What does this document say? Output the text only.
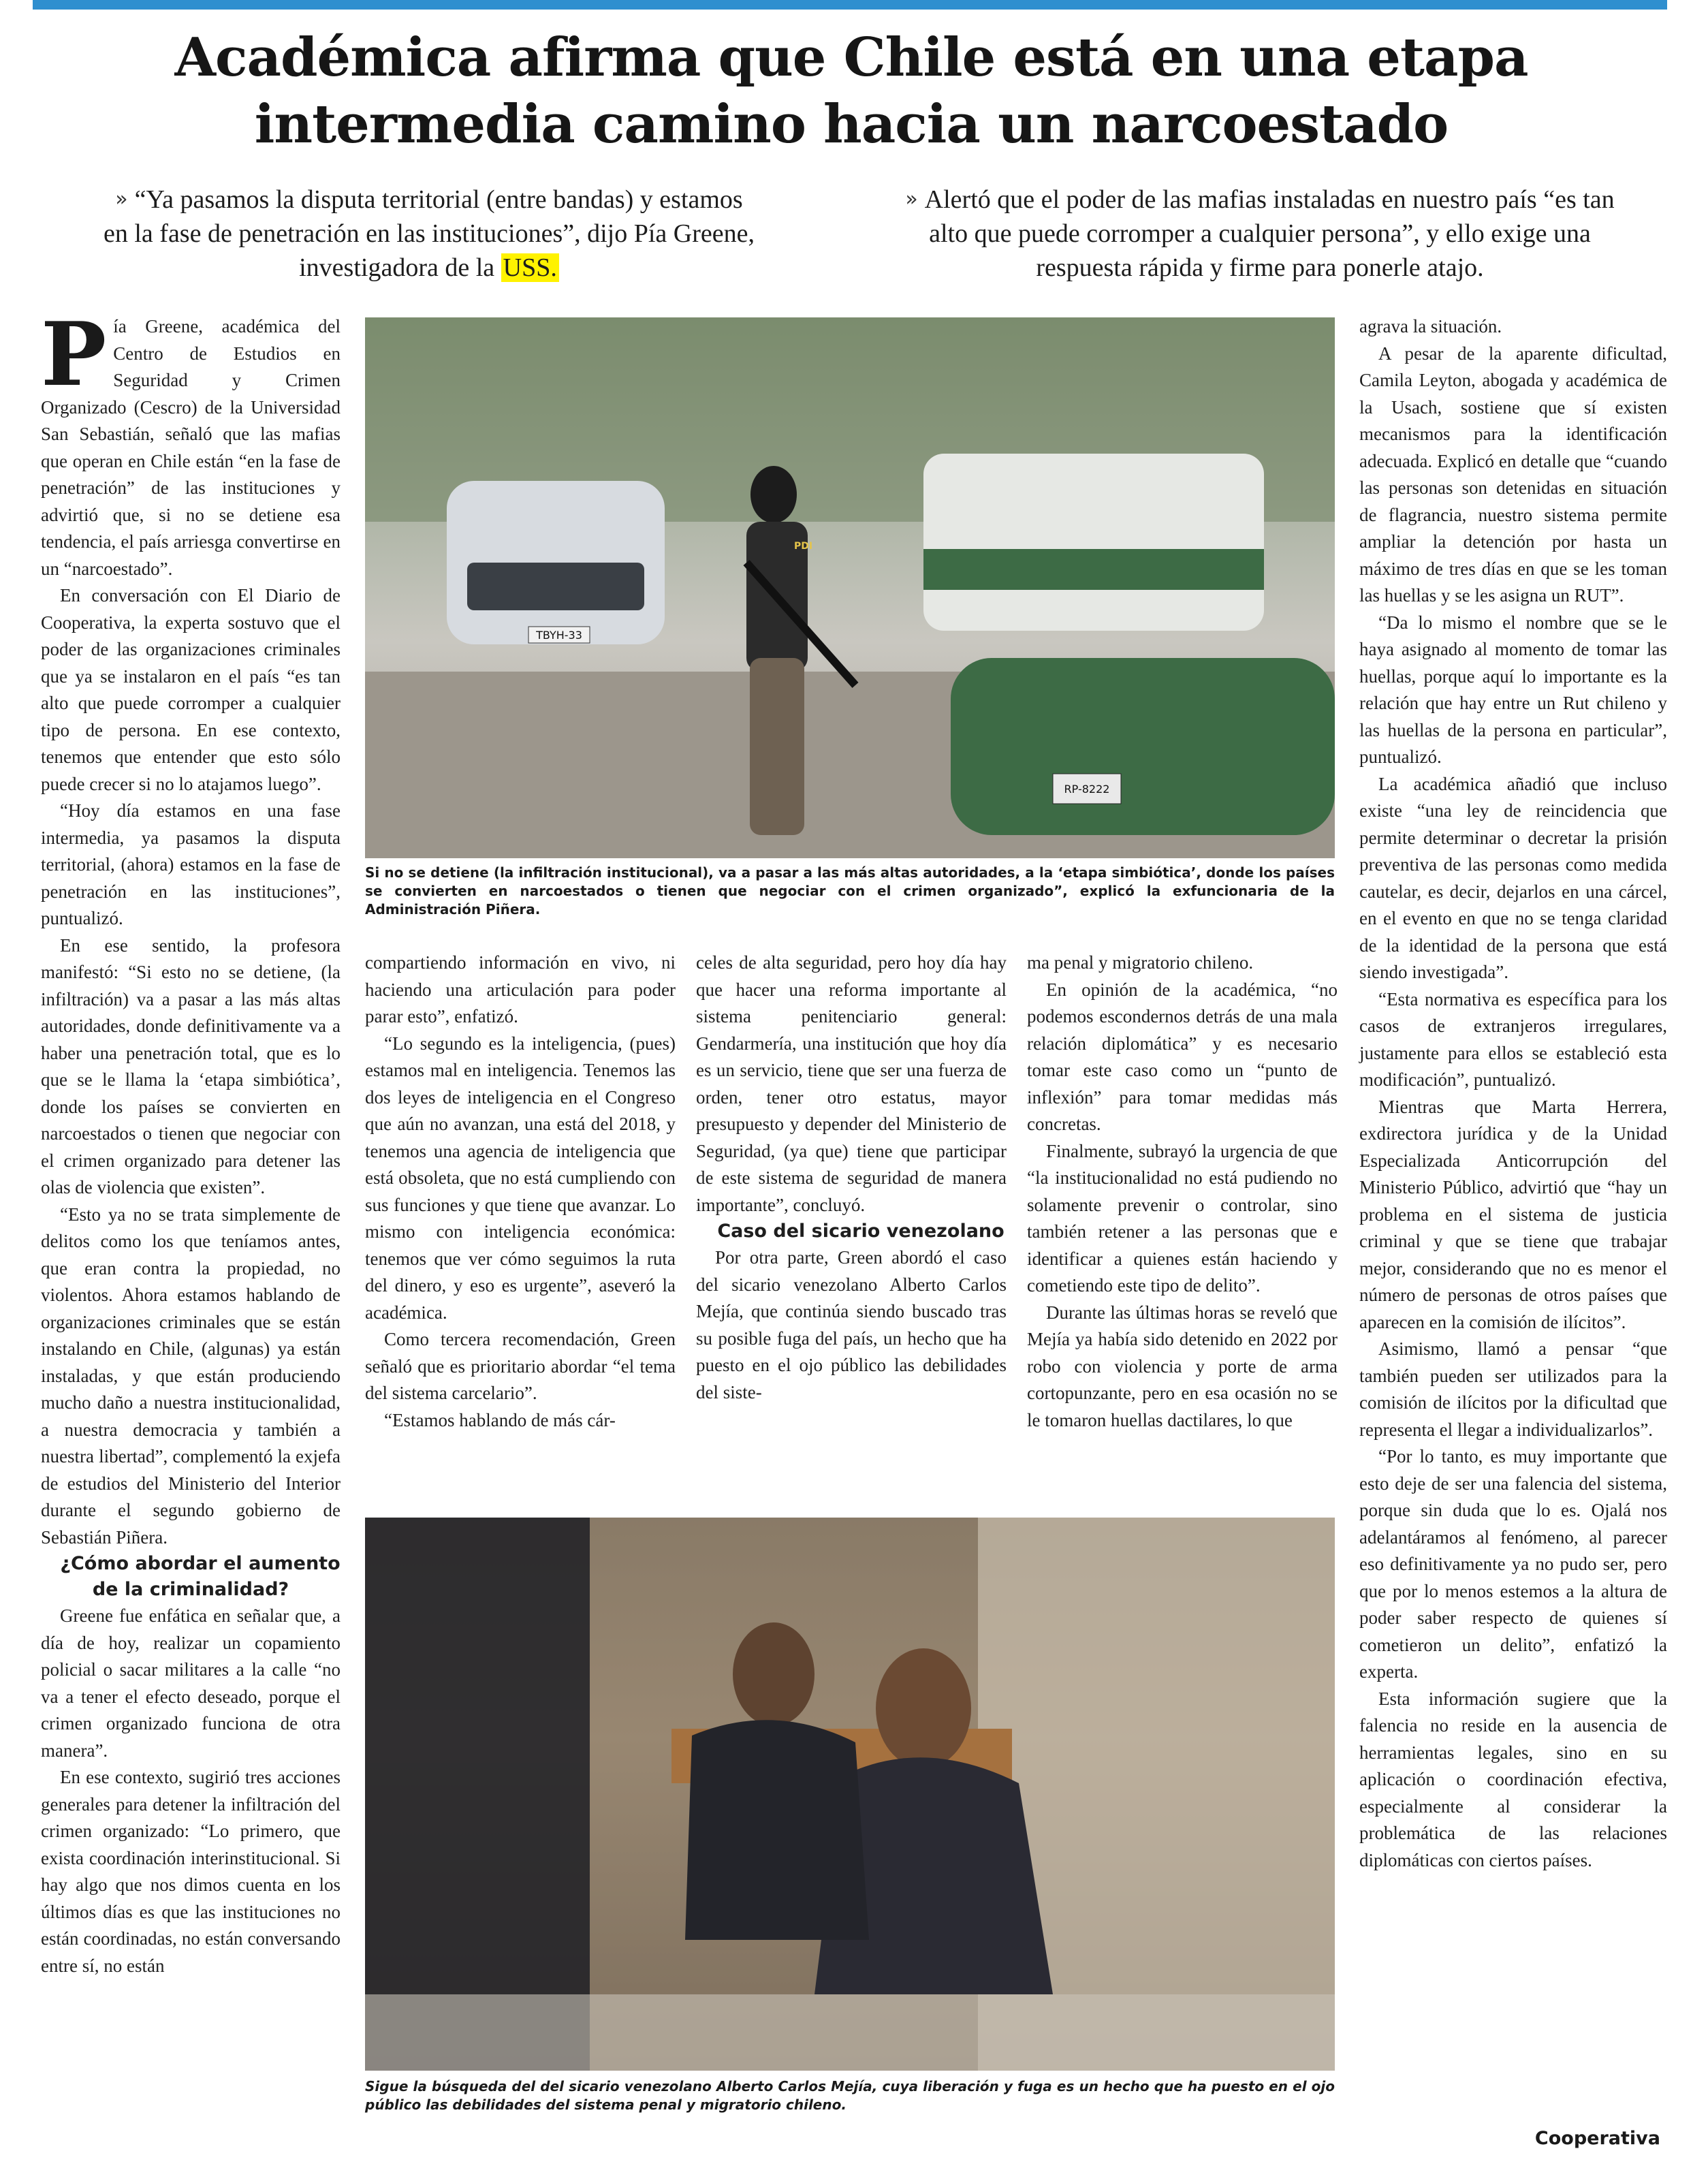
Académica afirma que Chile está en una etapa intermedia camino hacia un narcoestado
» “Ya pasamos la disputa territorial (entre bandas) y estamos en la fase de penetración en las instituciones”, dijo Pía Greene, investigadora de la USS.
» Alertó que el poder de las mafias instaladas en nuestro país “es tan alto que puede corromper a cualquier persona”, y ello exige una respuesta rápida y firme para ponerle atajo.

Pía Greene, académica del Centro de Estudios en Seguridad y Crimen Organizado (Cescro) de la Universidad San Sebastián, señaló que las mafias que operan en Chile están “en la fase de penetración” de las instituciones y advirtió que, si no se detiene esa tendencia, el país arriesga convertirse en un “narcoestado”.

En conversación con El Diario de Cooperativa, la experta sostuvo que el poder de las organizaciones criminales que ya se instalaron en el país “es tan alto que puede corromper a cualquier tipo de persona. En ese contexto, tenemos que entender que esto sólo puede crecer si no lo atajamos luego”.

“Hoy día estamos en una fase intermedia, ya pasamos la disputa territorial, (ahora) estamos en la fase de penetración en las instituciones”, puntualizó.

En ese sentido, la profesora manifestó: “Si esto no se detiene, (la infiltración) va a pasar a las más altas autoridades, donde definitivamente va a haber una penetración total, que es lo que se le llama la ‘etapa simbiótica’, donde los países se convierten en narcoestados o tienen que negociar con el crimen organizado para detener las olas de violencia que existen”.

“Esto ya no se trata simplemente de delitos como los que teníamos antes, que eran contra la propiedad, no violentos. Ahora estamos hablando de organizaciones criminales que se están instalando en Chile, (algunas) ya están instaladas, y que están produciendo mucho daño a nuestra institucionalidad, a nuestra democracia y también a nuestra libertad”, complementó la exjefa de estudios del Ministerio del Interior durante el segundo gobierno de Sebastián Piñera.

¿Cómo abordar el aumento de la criminalidad?

Greene fue enfática en señalar que, a día de hoy, realizar un copamiento policial o sacar militares a la calle “no va a tener el efecto deseado, porque el crimen organizado funciona de otra manera”.

En ese contexto, sugirió tres acciones generales para detener la infiltración del crimen organizado: “Lo primero, que exista coordinación interinstitucional. Si hay algo que nos dimos cuenta en los últimos días es que las instituciones no están coordinadas, no están conversando entre sí, no están

TBYH-33
RP-8222
PDI
Si no se detiene (la infiltración institucional), va a pasar a las más altas autoridades, a la ‘etapa simbiótica’, donde los países se convierten en narcoestados o tienen que negociar con el crimen organizado”, explicó la exfuncionaria de la Administración Piñera.

compartiendo información en vivo, ni haciendo una articulación para poder parar esto”, enfatizó.

“Lo segundo es la inteligencia, (pues) estamos mal en inteligencia. Tenemos las dos leyes de inteligencia en el Congreso que aún no avanzan, una está del 2018, y tenemos una agencia de inteligencia que está obsoleta, que no está cumpliendo con sus funciones y que tiene que avanzar. Lo mismo con inteligencia económica: tenemos que ver cómo seguimos la ruta del dinero, y eso es urgente”, aseveró la académica.

Como tercera recomendación, Green señaló que es prioritario abordar “el tema del sistema carcelario”.

“Estamos hablando de más cár-

celes de alta seguridad, pero hoy día hay que hacer una reforma importante al sistema penitenciario general: Gendarmería, una institución que hoy día es un servicio, tiene que ser una fuerza de orden, tener otro estatus, mayor presupuesto y depender del Ministerio de Seguridad, (ya que) tiene que participar de este sistema de seguridad de manera importante”, concluyó.

Caso del sicario venezolano

Por otra parte, Green abordó el caso del sicario venezolano Alberto Carlos Mejía, que continúa siendo buscado tras su posible fuga del país, un hecho que ha puesto en el ojo público las debilidades del siste-

ma penal y migratorio chileno.

En opinión de la académica, “no podemos escondernos detrás de una mala relación diplomática” y es necesario tomar este caso como un “punto de inflexión” para tomar medidas más concretas.

Finalmente, subrayó la urgencia de que “la institucionalidad no está pudiendo no solamente prevenir o controlar, sino también retener a las personas que e identificar a quienes están haciendo y cometiendo este tipo de delito”.

Durante las últimas horas se reveló que Mejía ya había sido detenido en 2022 por robo con violencia y porte de arma cortopunzante, pero en esa ocasión no se le tomaron huellas dactilares, lo que

Sigue la búsqueda del del sicario venezolano Alberto Carlos Mejía, cuya liberación y fuga es un hecho que ha puesto en el ojo público las debilidades del sistema penal y migratorio chileno.

agrava la situación.

A pesar de la aparente dificultad, Camila Leyton, abogada y académica de la Usach, sostiene que sí existen mecanismos para la identificación adecuada. Explicó en detalle que “cuando las personas son detenidas en situación de flagrancia, nuestro sistema permite ampliar la detención por hasta un máximo de tres días en que se les toman las huellas y se les asigna un RUT”.

“Da lo mismo el nombre que se le haya asignado al momento de tomar las huellas, porque aquí lo importante es la relación que hay entre un Rut chileno y las huellas de la persona en particular”, puntualizó.

La académica añadió que incluso existe “una ley de reincidencia que permite determinar o decretar la prisión preventiva de las personas como medida cautelar, es decir, dejarlos en una cárcel, en el evento en que no se tenga claridad de la identidad de la persona que está siendo investigada”.

“Esta normativa es específica para los casos de extranjeros irregulares, justamente para ellos se estableció esta modificación”, puntualizó.

Mientras que Marta Herrera, exdirectora jurídica y de la Unidad Especializada Anticorrupción del Ministerio Público, advirtió que “hay un problema en el sistema de justicia criminal y que se tiene que trabajar mejor, considerando que no es menor el número de personas de otros países que aparecen en la comisión de ilícitos”.

Asimismo, llamó a pensar “que también pueden ser utilizados para la comisión de ilícitos por la dificultad que representa el llegar a individualizarlos”.

“Por lo tanto, es muy importante que esto deje de ser una falencia del sistema, porque sin duda que lo es. Ojalá nos adelantáramos al fenómeno, al parecer eso definitivamente ya no pudo ser, pero que por lo menos estemos a la altura de poder saber respecto de quienes sí cometieron un delito”, enfatizó la experta.

Esta información sugiere que la falencia no reside en la ausencia de herramientas legales, sino en su aplicación o coordinación efectiva, especialmente al considerar la problemática de las relaciones diplomáticas con ciertos países.

Cooperativa
